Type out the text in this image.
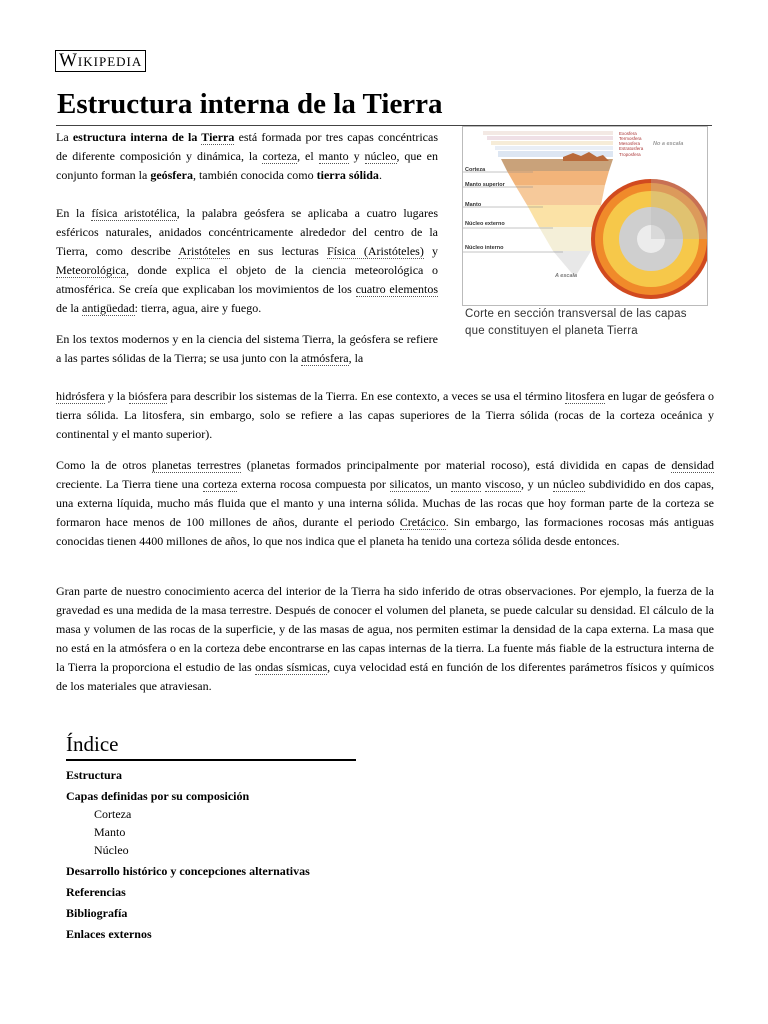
Wikipedia
Estructura interna de la Tierra

La estructura interna de la Tierra está formada por tres capas concéntricas de diferente composición y dinámica, la corteza, el manto y núcleo, que en conjunto forman la geósfera, también conocida como tierra sólida.

En la física aristotélica, la palabra geósfera se aplicaba a cuatro lugares esféricos naturales, anidados concéntricamente alrededor del centro de la Tierra, como describe Aristóteles en sus lecturas Física (Aristóteles) y Meteorológica, donde explica el objeto de la ciencia meteorológica o atmosférica. Se creía que explicaban los movimientos de los cuatro elementos de la antigüedad: tierra, agua, aire y fuego.

En los textos modernos y en la ciencia del sistema Tierra, la geósfera se refiere a las partes sólidas de la Tierra; se usa junto con la atmósfera, la

hidrósfera y la biósfera para describir los sistemas de la Tierra. En ese contexto, a veces se usa el término litosfera en lugar de geósfera o tierra sólida. La litosfera, sin embargo, solo se refiere a las capas superiores de la Tierra sólida (rocas de la corteza oceánica y continental y el manto superior).

Como la de otros planetas terrestres (planetas formados principalmente por material rocoso), está dividida en capas de densidad creciente. La Tierra tiene una corteza externa rocosa compuesta por silicatos, un manto viscoso, y un núcleo subdividido en dos capas, una externa líquida, mucho más fluida que el manto y una interna sólida. Muchas de las rocas que hoy forman parte de la corteza se formaron hace menos de 100 millones de años, durante el periodo Cretácico. Sin embargo, las formaciones rocosas más antiguas conocidas tienen 4400 millones de años, lo que nos indica que el planeta ha tenido una corteza sólida desde entonces.

Gran parte de nuestro conocimiento acerca del interior de la Tierra ha sido inferido de otras observaciones. Por ejemplo, la fuerza de la gravedad es una medida de la masa terrestre. Después de conocer el volumen del planeta, se puede calcular su densidad. El cálculo de la masa y volumen de las rocas de la superficie, y de las masas de agua, nos permiten estimar la densidad de la capa externa. La masa que no está en la atmósfera o en la corteza debe encontrarse en las capas internas de la tierra. La fuente más fiable de la estructura interna de la Tierra la proporciona el estudio de las ondas sísmicas, cuya velocidad está en función de los diferentes parámetros físicos y químicos de los materiales que atraviesan.

Exosfera
Termosfera
Mesosfera
Estratosfera
Troposfera
No a escala
Corteza
Manto superior
Manto
Núcleo externo
Núcleo interno
A escala
Corte en sección transversal de las capas que constituyen el planeta Tierra
Índice
Estructura
Capas definidas por su composición
Corteza
Manto
Núcleo
Desarrollo histórico y concepciones alternativas
Referencias
Bibliografía
Enlaces externos
